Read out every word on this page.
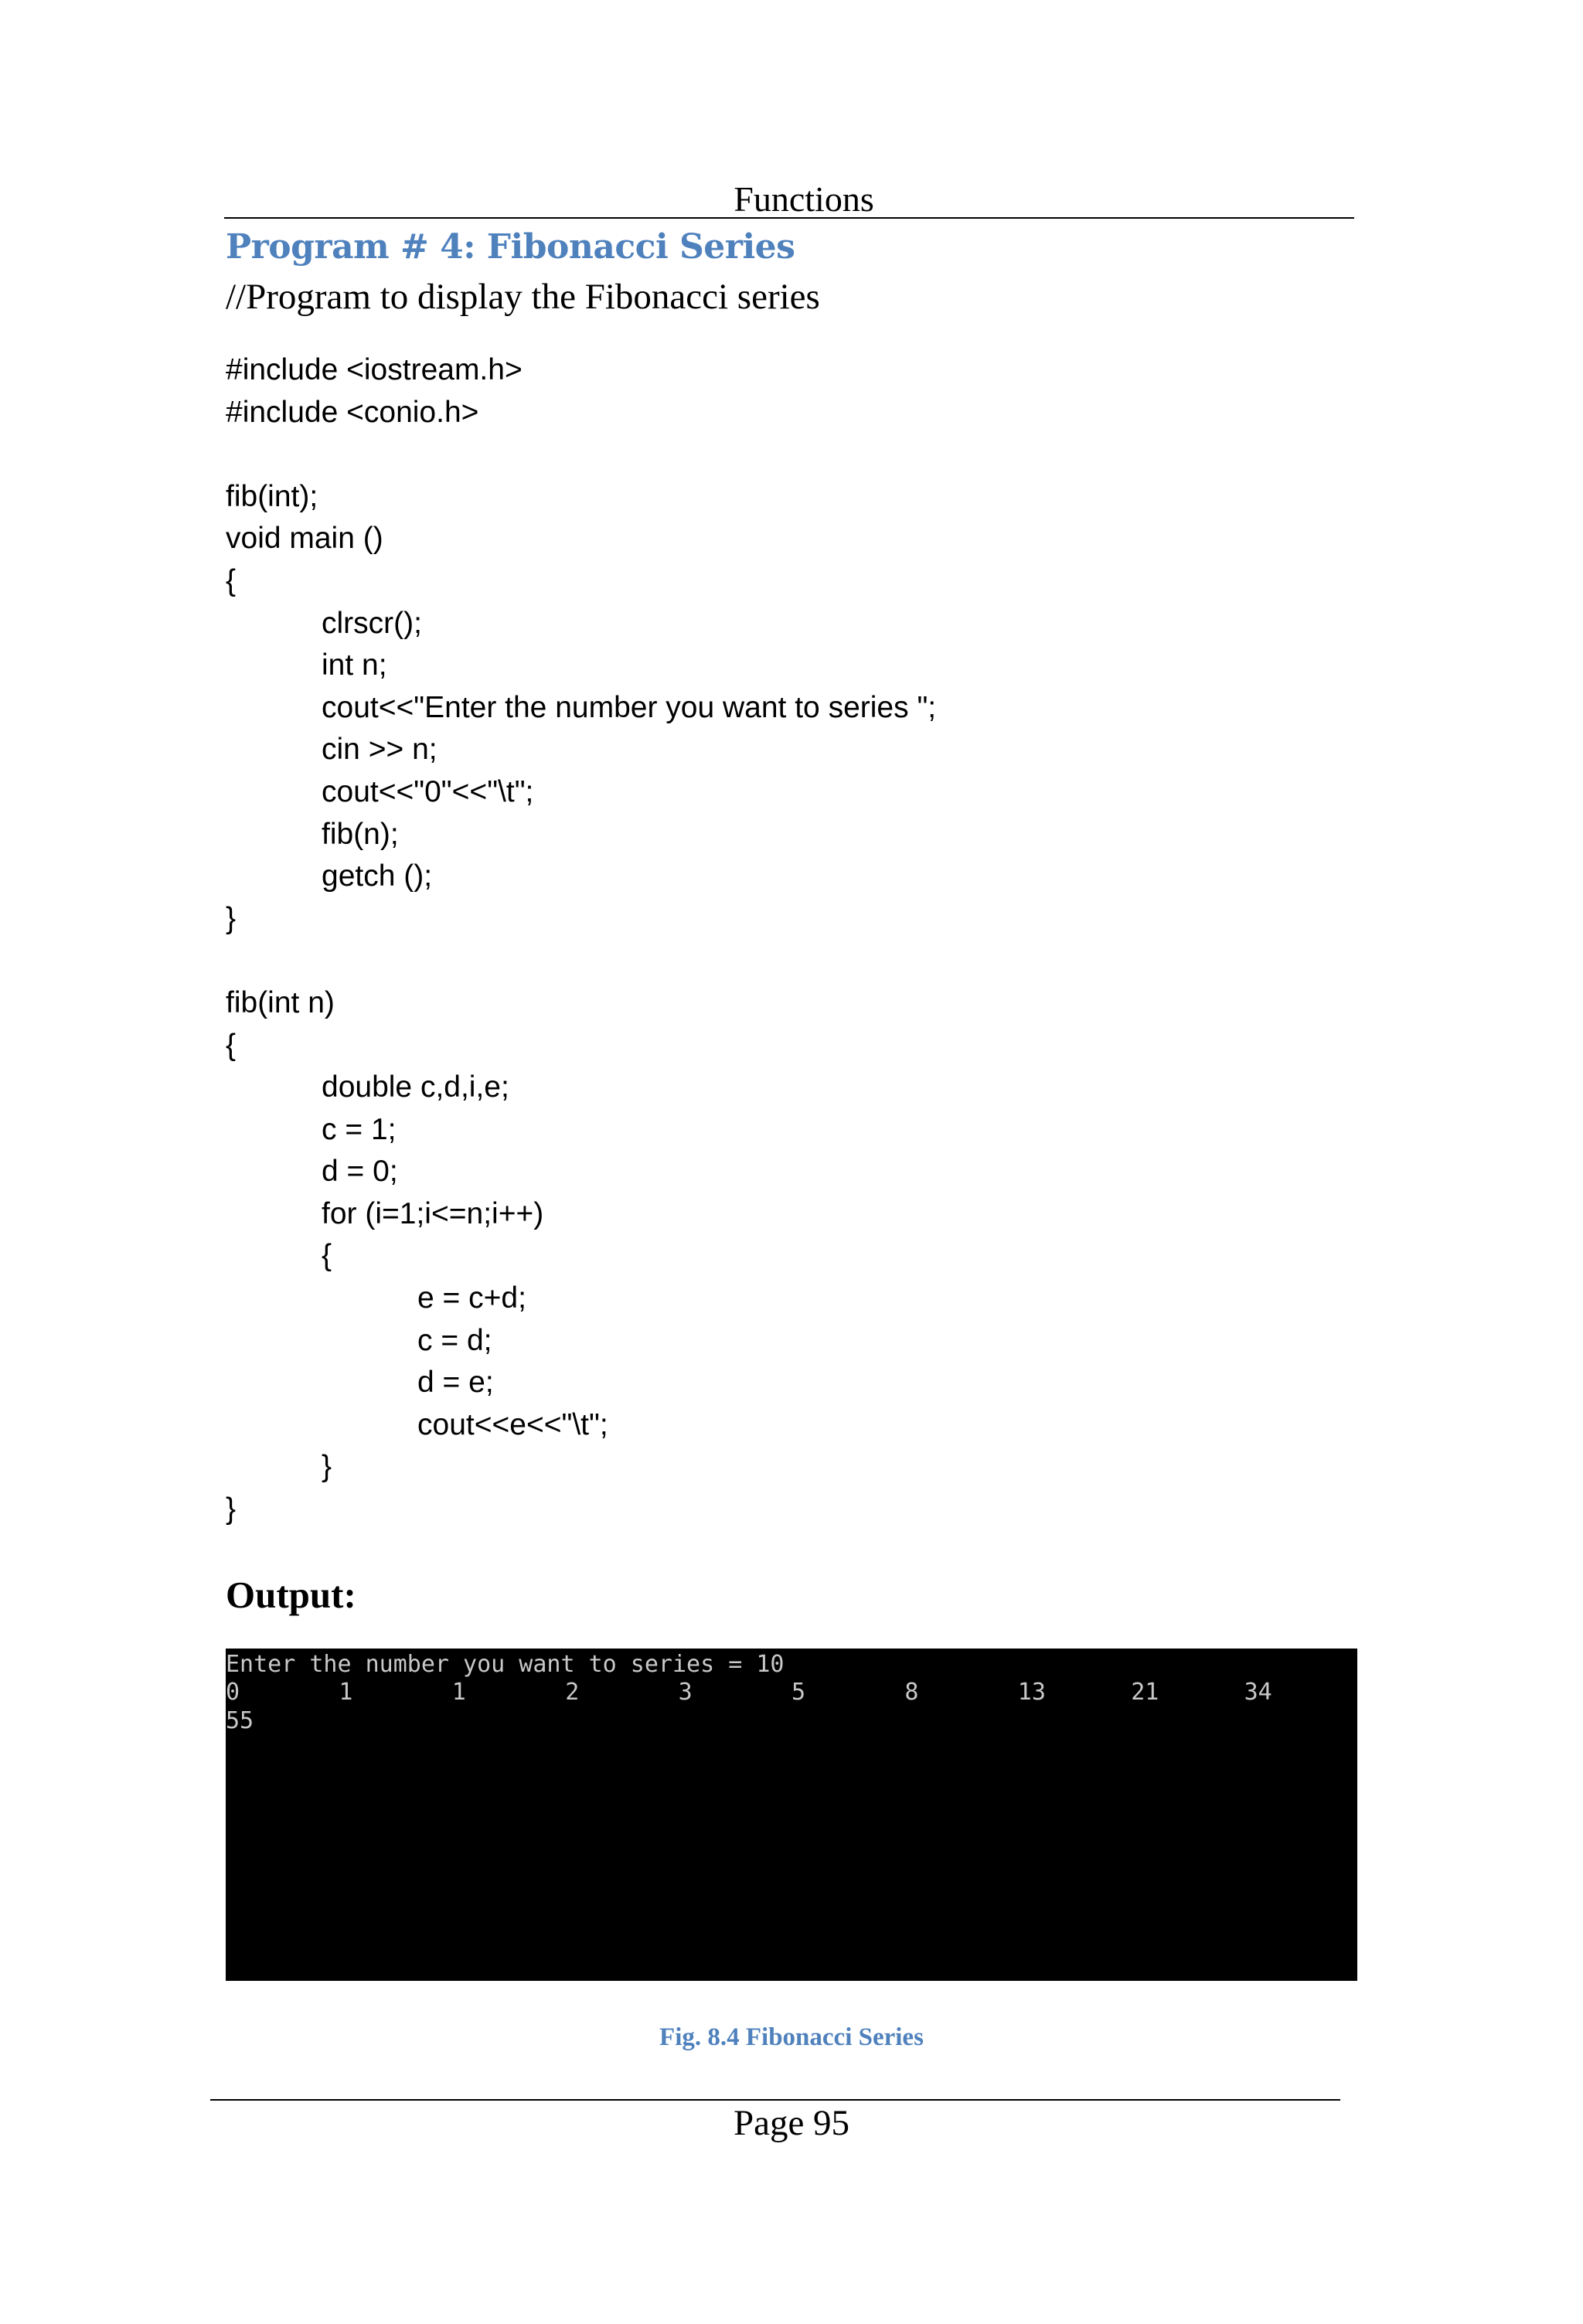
Functions
Program # 4: Fibonacci Series
//Program to display the Fibonacci series
#include <iostream.h>
#include <conio.h>
fib(int);
void main ()
{
clrscr();
int n;
cout<<"Enter the number you want to series ";
cin >> n;
cout<<"0"<<"\t";
fib(n);
getch ();
}
fib(int n)
{
double c,d,i,e;
c = 1;
d = 0;
for (i=1;i<=n;i++)
{
e = c+d;
c = d;
d = e;
cout<<e<<"\t";
}
}
Output:
Enter the number you want to series = 10
0	1	1	2	3	5	8	13	21	34
55
Fig. 8.4 Fibonacci Series
Page 95
